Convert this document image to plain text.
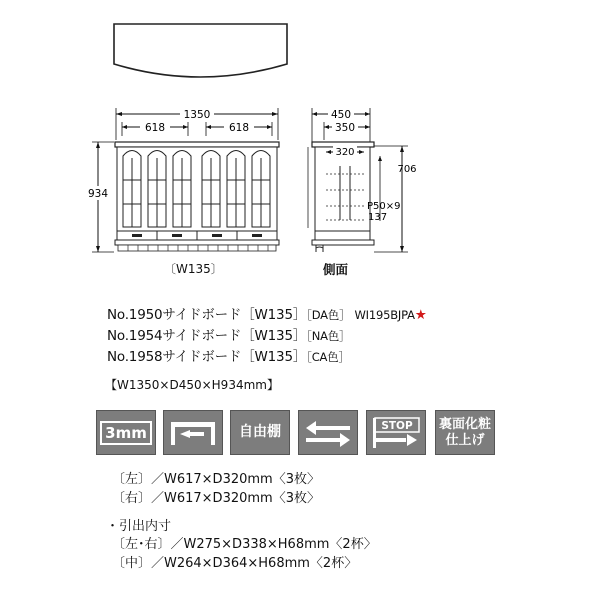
1350
618	618
934
〔W135〕
450
350
320
706
P50×9
137
側面
No.1950サイドボード［W135］［DA色］ WI195BJPA★
No.1954サイドボード［W135］［NA色］
No.1958サイドボード［W135］［CA色］
【W1350×D450×H934mm】
3mm	自由棚	STOP 裏面化粧
仕上げ
〔左〕／W617×D320mm〈3枚〉
〔右〕／W617×D320mm〈3枚〉
・引出内寸
〔左･右〕／W275×D338×H68mm〈2杯〉
〔中〕／W264×D364×H68mm〈2杯〉
